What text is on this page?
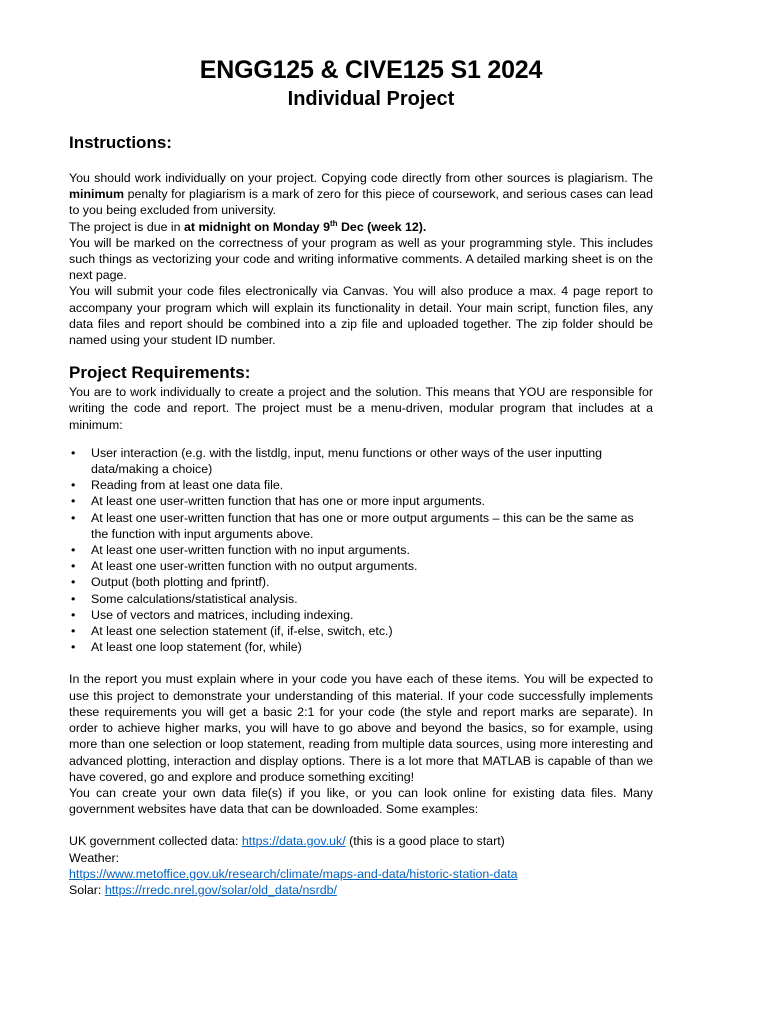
ENGG125 & CIVE125 S1 2024
Individual Project
Instructions:

You should work individually on your project. Copying code directly from other sources is plagiarism. The minimum penalty for plagiarism is a mark of zero for this piece of coursework, and serious cases can lead to you being excluded from university.

The project is due in at midnight on Monday 9th Dec (week 12).

You will be marked on the correctness of your program as well as your programming style. This includes such things as vectorizing your code and writing informative comments. A detailed marking sheet is on the next page.

You will submit your code files electronically via Canvas. You will also produce a max. 4 page report to accompany your program which will explain its functionality in detail. Your main script, function files, any data files and report should be combined into a zip file and uploaded together. The zip folder should be named using your student ID number.

Project Requirements:

You are to work individually to create a project and the solution. This means that YOU are responsible for writing the code and report. The project must be a menu-driven, modular program that includes at a minimum:

• User interaction (e.g. with the listdlg, input, menu functions or other ways of the user inputting data/making a choice)
• Reading from at least one data file.
• At least one user-written function that has one or more input arguments.
• At least one user-written function that has one or more output arguments – this can be the same as the function with input arguments above.
• At least one user-written function with no input arguments.
• At least one user-written function with no output arguments.
• Output (both plotting and fprintf).
• Some calculations/statistical analysis.
• Use of vectors and matrices, including indexing.
• At least one selection statement (if, if-else, switch, etc.)
• At least one loop statement (for, while)

In the report you must explain where in your code you have each of these items. You will be expected to use this project to demonstrate your understanding of this material. If your code successfully implements these requirements you will get a basic 2:1 for your code (the style and report marks are separate). In order to achieve higher marks, you will have to go above and beyond the basics, so for example, using more than one selection or loop statement, reading from multiple data sources, using more interesting and advanced plotting, interaction and display options. There is a lot more that MATLAB is capable of than we have covered, go and explore and produce something exciting!

You can create your own data file(s) if you like, or you can look online for existing data files. Many government websites have data that can be downloaded. Some examples:

UK government collected data: https://data.gov.uk/ (this is a good place to start)
Weather:
https://www.metoffice.gov.uk/research/climate/maps-and-data/historic-station-data
Solar: https://rredc.nrel.gov/solar/old_data/nsrdb/
